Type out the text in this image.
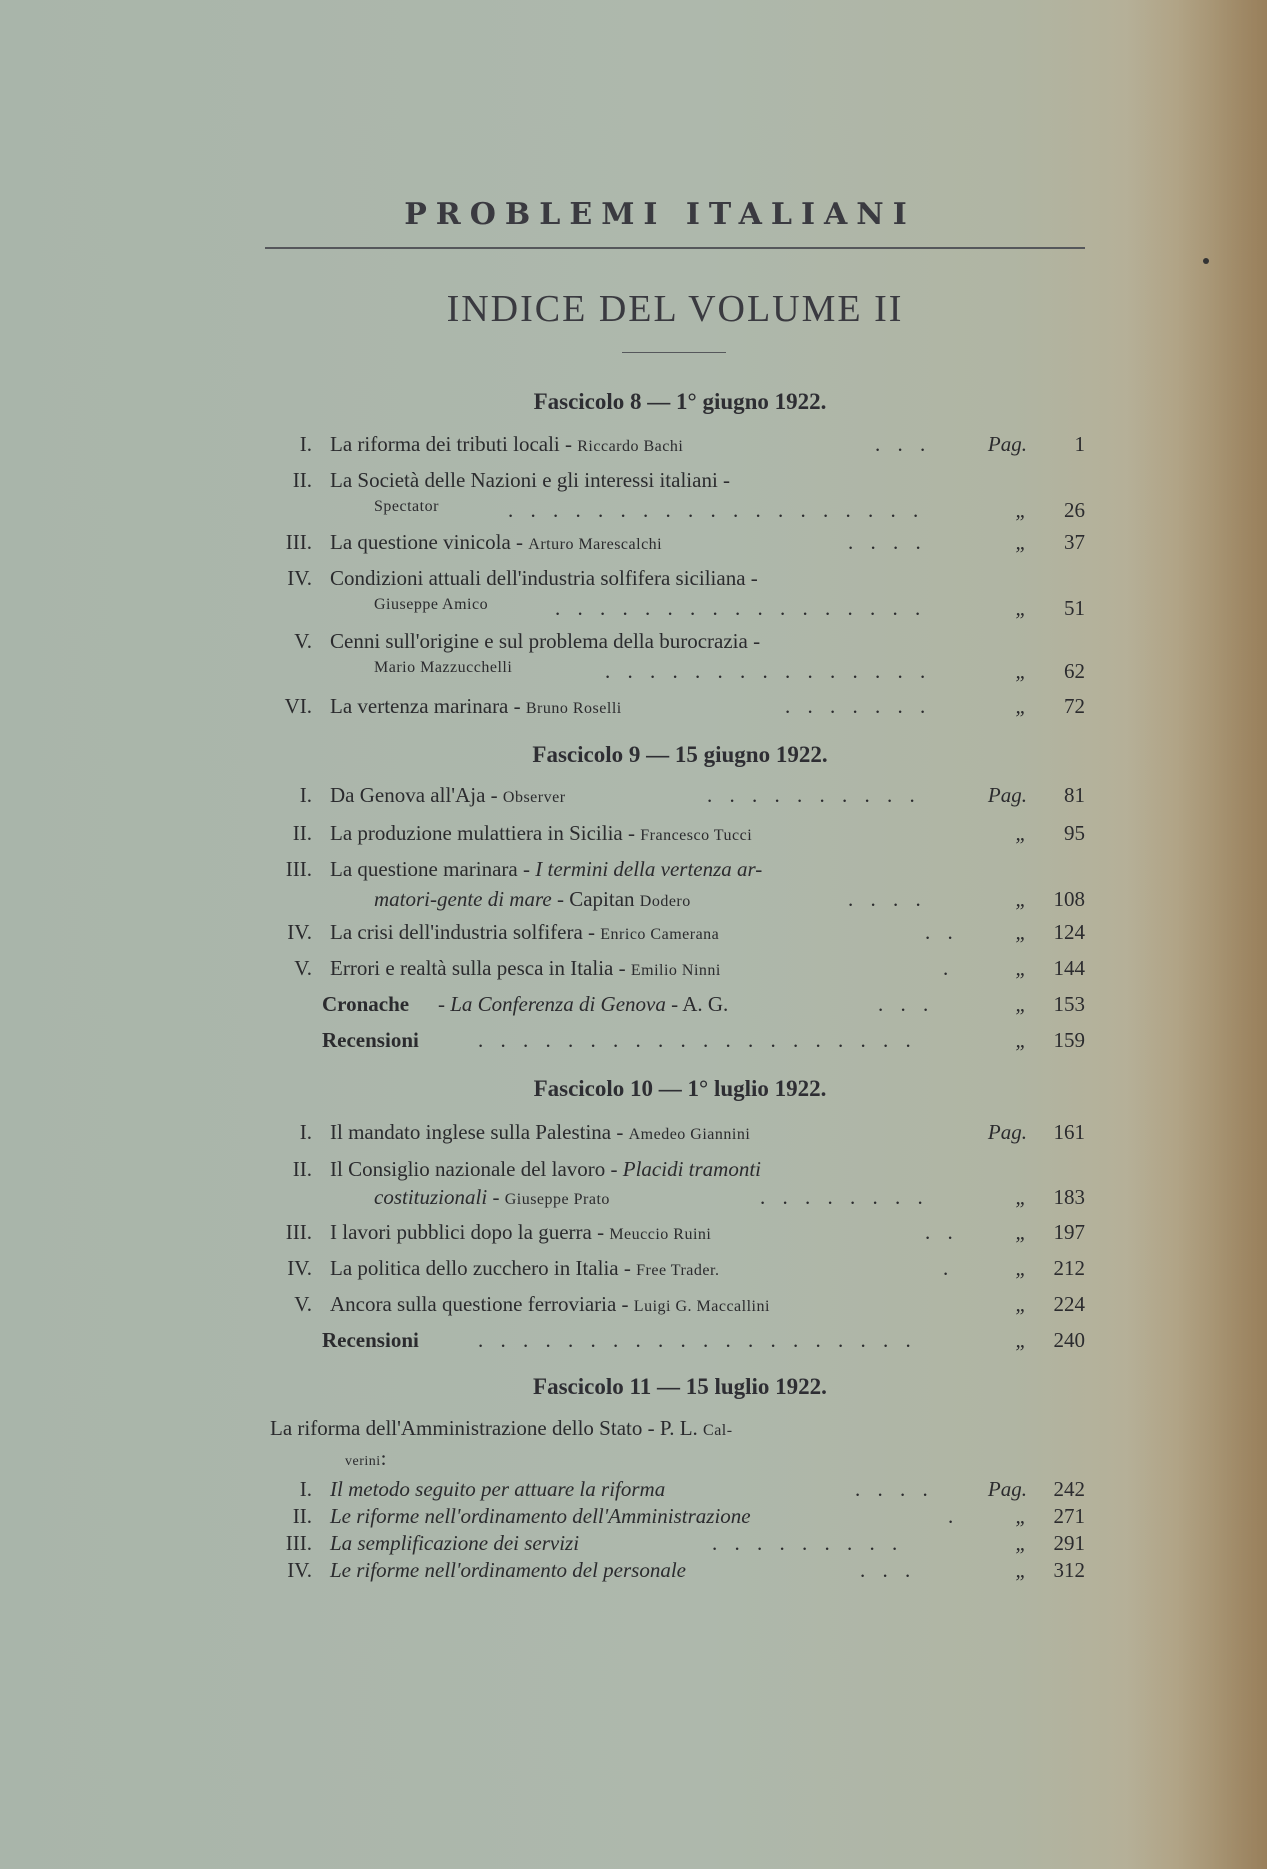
PROBLEMI ITALIANI
INDICE DEL VOLUME II
Fascicolo 8 — 1° giugno 1922.
I. La riforma dei tributi locali - Riccardo Bachi	. . .	Pag. 1
II. La Società delle Nazioni e gli interessi italiani -
Spectator	. . . . . . . . . . . . . . . . . . .	„ 26
III. La questione vinicola - Arturo Marescalchi	. . . .	„ 37
IV. Condizioni attuali dell'industria solfifera siciliana -
Giuseppe Amico	. . . . . . . . . . . . . . . . .	„ 51
V. Cenni sull'origine e sul problema della burocrazia -
Mario Mazzucchelli	. . . . . . . . . . . . . . .	„ 62
VI. La vertenza marinara - Bruno Roselli	. . . . . . .	„ 72
Fascicolo 9 — 15 giugno 1922.
I. Da Genova all'Aja - Observer	. . . . . . . . . .	Pag. 81
II. La produzione mulattiera in Sicilia - Francesco Tucci	„ 95
III. La questione marinara - I termini della vertenza ar-
matori-gente di mare - Capitan Dodero	. . . .	„ 108
IV. La crisi dell'industria solfifera - Enrico Camerana	. .	„ 124
V. Errori e realtà sulla pesca in Italia - Emilio Ninni	.	„ 144
Cronache - La Conferenza di Genova - A. G.	. . .	„ 153
Recensioni	. . . . . . . . . . . . . . . . . . . .	„ 159
Fascicolo 10 — 1° luglio 1922.
I. Il mandato inglese sulla Palestina - Amedeo Giannini	Pag. 161
II. Il Consiglio nazionale del lavoro - Placidi tramonti
costituzionali - Giuseppe Prato	. . . . . . . .	„ 183
III. I lavori pubblici dopo la guerra - Meuccio Ruini	. .	„ 197
IV. La politica dello zucchero in Italia - Free Trader.	.	„ 212
V. Ancora sulla questione ferroviaria - Luigi G. Maccallini	„ 224
Recensioni	. . . . . . . . . . . . . . . . . . . .	„ 240
Fascicolo 11 — 15 luglio 1922.
La riforma dell'Amministrazione dello Stato - P. L. Cal-
verini:
I. Il metodo seguito per attuare la riforma	. . . .	Pag. 242
II. Le riforme nell'ordinamento dell'Amministrazione	.	„ 271
III. La semplificazione dei servizi	. . . . . . . . .	„ 291
IV. Le riforme nell'ordinamento del personale	. . .	„ 312
